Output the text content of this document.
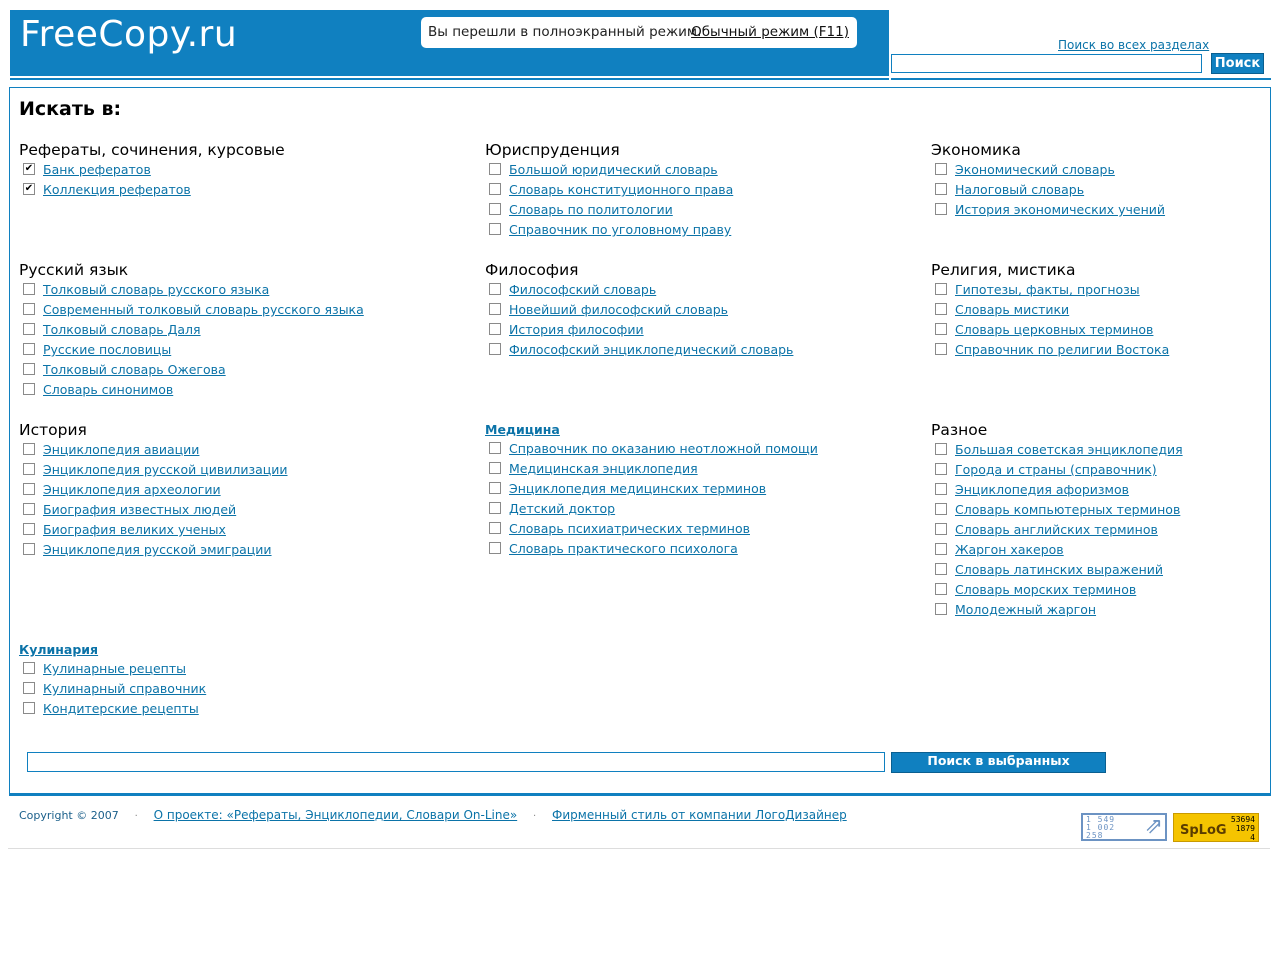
FreeCopy.ru	Вы перешли в полноэкранный режим.
Обычный режим (F11)
Поиск во всех разделах
Поиск
Искать в:
Рефераты, сочинения, курсовые
✔ Банк рефератов
✔ Коллекция рефератов
Юриспруденция
Большой юридический словарь
Словарь конституционного права
Словарь по политологии
Справочник по уголовному праву
Экономика
Экономический словарь
Налоговый словарь
История экономических учений
Русский язык
Толковый словарь русского языка
Современный толковый словарь русского языка
Толковый словарь Даля
Русские пословицы
Толковый словарь Ожегова
Словарь синонимов
Философия
Философский словарь
Новейший философский словарь
История философии
Философский энциклопедический словарь
Религия, мистика
Гипотезы, факты, прогнозы
Словарь мистики
Словарь церковных терминов
Справочник по религии Востока
История
Энциклопедия авиации
Энциклопедия русской цивилизации
Энциклопедия археологии
Биография известных людей
Биография великих ученых
Энциклопедия русской эмиграции
Медицина
Справочник по оказанию неотложной помощи
Медицинская энциклопедия
Энциклопедия медицинских терминов
Детский доктор
Словарь психиатрических терминов
Словарь практического психолога
Разное
Большая советская энциклопедия
Города и страны (справочник)
Энциклопедия афоризмов
Словарь компьютерных терминов
Словарь английских терминов
Жаргон хакеров
Словарь латинских выражений
Словарь морских терминов
Молодежный жаргон
Кулинария
Кулинарные рецепты
Кулинарный справочник
Кондитерские рецепты
Поиск в выбранных словарях
Copyright © 2007 · О проекте: «Рефераты, Энциклопедии, Словари On-Line» · Фирменный стиль от компании ЛогоДизайнер	1 549
1 002
258	⇗ SpLoG
53694
1879
4
